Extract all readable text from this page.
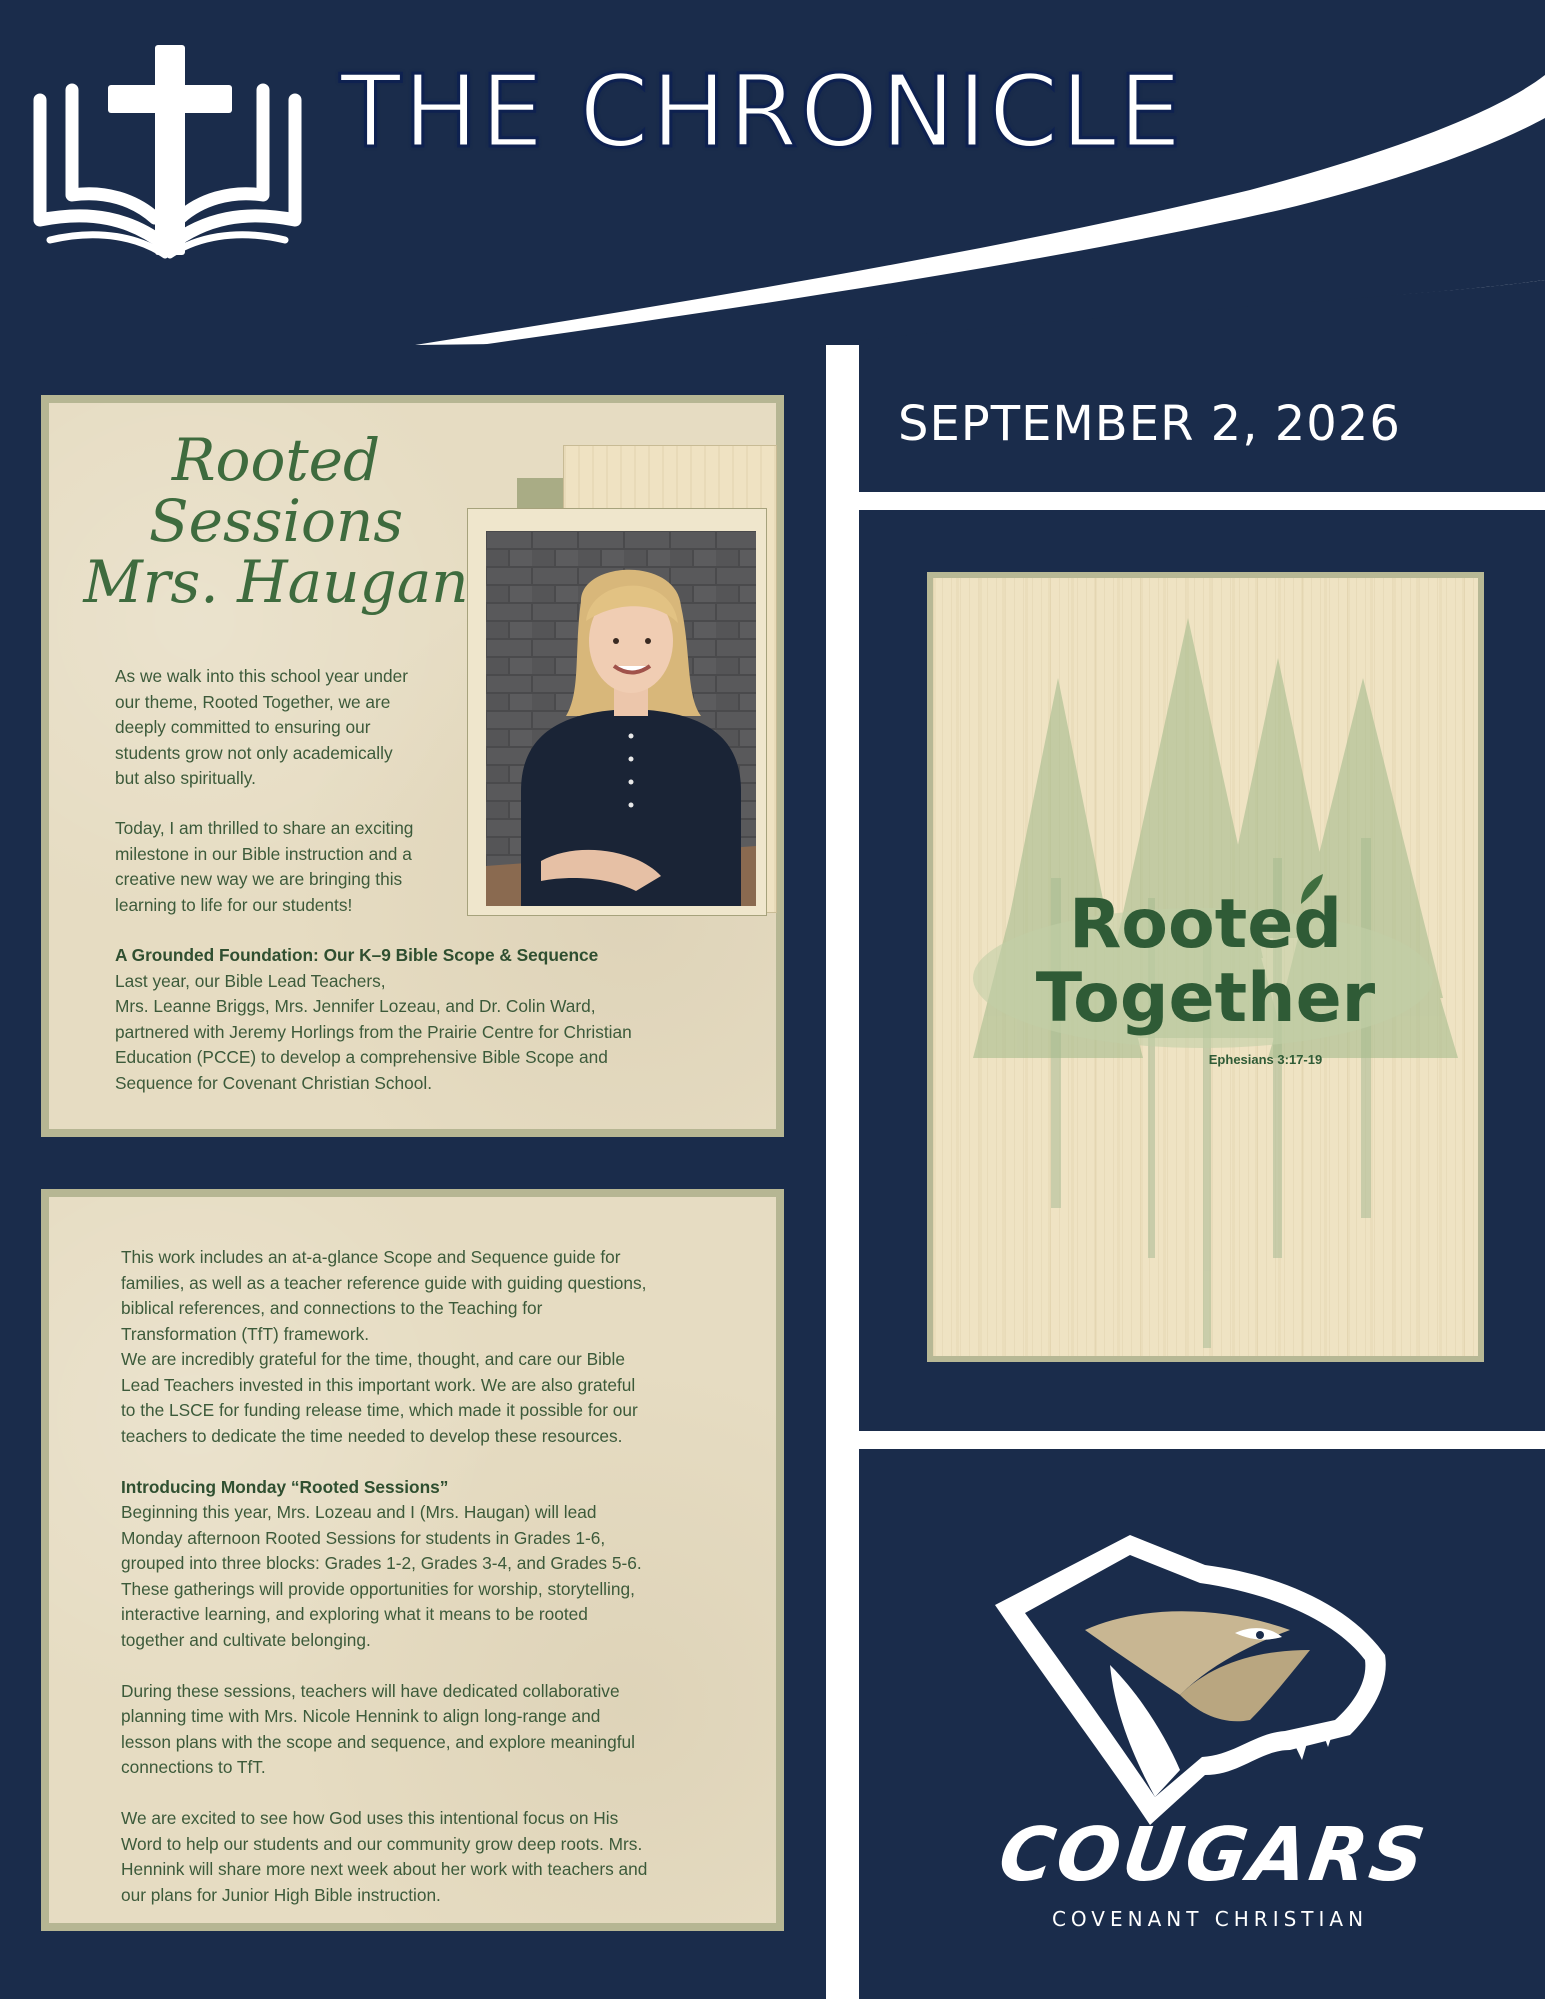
THE CHRONICLE
SEPTEMBER 2, 2026
Rooted Sessions
Mrs. Haugan

As we walk into this school year under
our theme, Rooted Together, we are
deeply committed to ensuring our
students grow not only academically
but also spiritually.

Today, I am thrilled to share an exciting
milestone in our Bible instruction and a
creative new way we are bringing this
learning to life for our students!

A Grounded Foundation: Our K–9 Bible Scope & Sequence

Last year, our Bible Lead Teachers,
Mrs. Leanne Briggs, Mrs. Jennifer Lozeau, and Dr. Colin Ward,
partnered with Jeremy Horlings from the Prairie Centre for Christian
Education (PCCE) to develop a comprehensive Bible Scope and
Sequence for Covenant Christian School.

This work includes an at-a-glance Scope and Sequence guide for
families, as well as a teacher reference guide with guiding questions,
biblical references, and connections to the Teaching for
Transformation (TfT) framework.
We are incredibly grateful for the time, thought, and care our Bible
Lead Teachers invested in this important work. We are also grateful
to the LSCE for funding release time, which made it possible for our
teachers to dedicate the time needed to develop these resources.

Introducing Monday “Rooted Sessions”

Beginning this year, Mrs. Lozeau and I (Mrs. Haugan) will lead
Monday afternoon Rooted Sessions for students in Grades 1-6,
grouped into three blocks: Grades 1-2, Grades 3-4, and Grades 5-6.
These gatherings will provide opportunities for worship, storytelling,
interactive learning, and exploring what it means to be rooted
together and cultivate belonging.

During these sessions, teachers will have dedicated collaborative
planning time with Mrs. Nicole Hennink to align long-range and
lesson plans with the scope and sequence, and explore meaningful
connections to TfT.

We are excited to see how God uses this intentional focus on His
Word to help our students and our community grow deep roots. Mrs.
Hennink will share more next week about her work with teachers and
our plans for Junior High Bible instruction.

Rooted
Together

Ephesians 3:17-19

COUGARS

COVENANT CHRISTIAN
